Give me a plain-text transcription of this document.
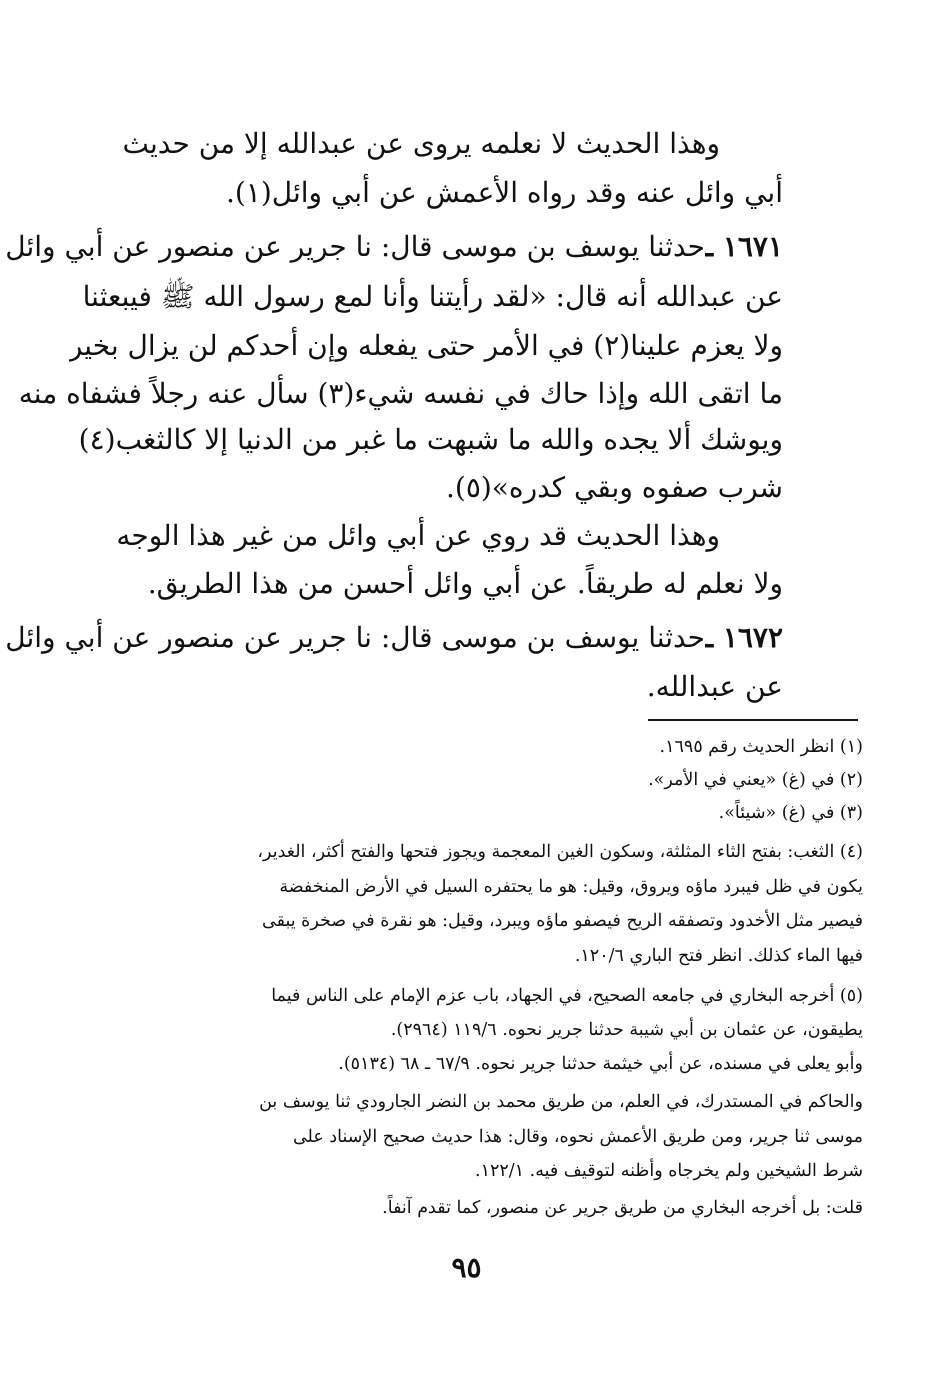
وهذا الحديث لا نعلمه يروى عن عبدالله إلا من حديث

أبي وائل عنه وقد رواه الأعمش عن أبي وائل(١).

١٦٧١ ـ

حدثنا يوسف بن موسى قال: نا جرير عن منصور عن أبي وائل

عن عبدالله أنه قال: «لقد رأيتنا وأنا لمع رسول الله ﷺ فيبعثنا

ولا يعزم علينا(٢) في الأمر حتى يفعله وإن أحدكم لن يزال بخير

ما اتقى الله وإذا حاك في نفسه شيء(٣) سأل عنه رجلاً فشفاه منه

ويوشك ألا يجده والله ما شبهت ما غبر من الدنيا إلا كالثغب(٤)

شرب صفوه وبقي كدره»(٥).

وهذا الحديث قد روي عن أبي وائل من غير هذا الوجه

ولا نعلم له طريقاً. عن أبي وائل أحسن من هذا الطريق.

١٦٧٢ ـ

حدثنا يوسف بن موسى قال: نا جرير عن منصور عن أبي وائل

عن عبدالله.

(١) انظر الحديث رقم ١٦٩٥.

(٢) في (غ) «يعني في الأمر».

(٣) في (غ) «شيئاً».

(٤) الثغب: بفتح الثاء المثلثة، وسكون الغين المعجمة ويجوز فتحها والفتح أكثر، الغدير،

يكون في ظل فيبرد ماؤه ويروق، وقيل: هو ما يحتفره السيل في الأرض المنخفضة

فيصير مثل الأخدود وتصفقه الريح فيصفو ماؤه ويبرد، وقيل: هو نقرة في صخرة يبقى

فيها الماء كذلك. انظر فتح الباري ١٢٠/٦.

(٥) أخرجه البخاري في جامعه الصحيح، في الجهاد، باب عزم الإمام على الناس فيما

يطيقون، عن عثمان بن أبي شيبة حدثنا جرير نحوه. ١١٩/٦ (٢٩٦٤).

وأبو يعلى في مسنده، عن أبي خيثمة حدثنا جرير نحوه. ٦٧/٩ ـ ٦٨ (٥١٣٤).

والحاكم في المستدرك، في العلم، من طريق محمد بن النضر الجارودي ثنا يوسف بن

موسى ثنا جرير، ومن طريق الأعمش نحوه، وقال: هذا حديث صحيح الإسناد على

شرط الشيخين ولم يخرجاه وأظنه لتوقيف فيه. ١٢٢/١.

قلت: بل أخرجه البخاري من طريق جرير عن منصور، كما تقدم آنفاً.

٩٥
